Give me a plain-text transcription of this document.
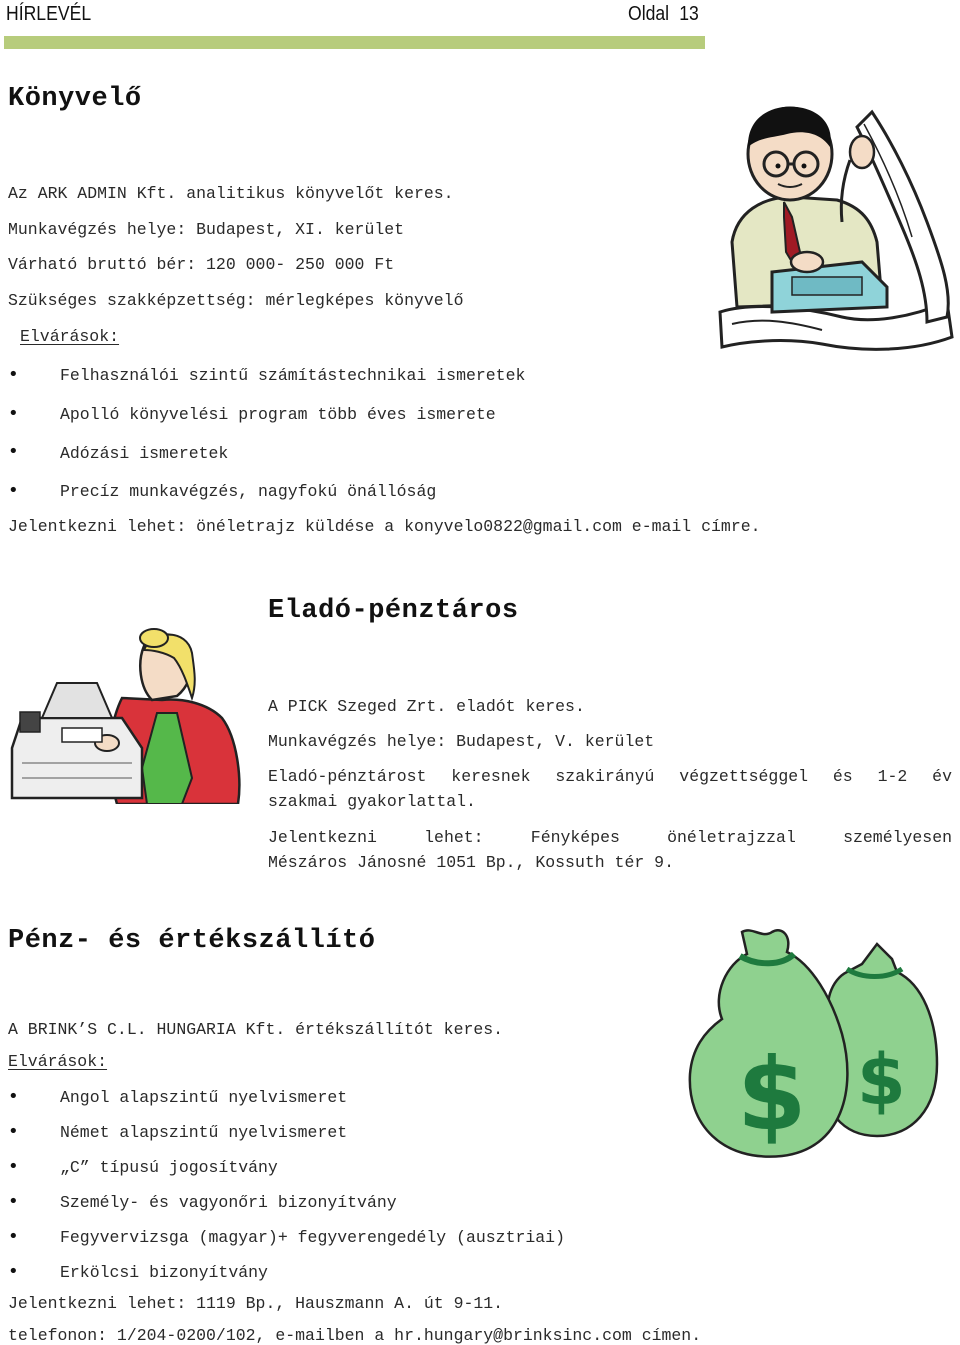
HÍRLEVÉL	Oldal 13
Könyvelő
Az ARK ADMIN Kft. analitikus könyvelőt keres.
Munkavégzés helye: Budapest, XI. kerület
Várható bruttó bér: 120 000- 250 000 Ft
Szükséges szakképzettség: mérlegképes könyvelő
Elvárások:
•	Felhasználói szintű számítástechnikai ismeretek
•	Apolló könyvelési program több éves ismerete
•	Adózási ismeretek
•	Precíz munkavégzés, nagyfokú önállóság
Jelentkezni lehet: önéletrajz küldése a konyvelo0822@gmail.com e-mail címre.
Eladó-pénztáros
A PICK Szeged Zrt. eladót keres.
Munkavégzés helye: Budapest, V. kerület
Eladó-pénztárost keresnek szakirányú végzettséggel és 1-2 év
szakmai gyakorlattal.
Jelentkezni lehet: Fényképes önéletrajzzal személyesen
Mészáros Jánosné 1051 Bp., Kossuth tér 9.
Pénz- és értékszállító
$
$
A BRINK’S C.L. HUNGARIA Kft. értékszállítót keres.
Elvárások:
•	Angol alapszintű nyelvismeret
•	Német alapszintű nyelvismeret
•	„C” típusú jogosítvány
•	Személy- és vagyonőri bizonyítvány
•	Fegyvervizsga (magyar)+ fegyverengedély (ausztriai)
•	Erkölcsi bizonyítvány
Jelentkezni lehet: 1119 Bp., Hauszmann A. út 9-11.
telefonon: 1/204-0200/102, e-mailben a hr.hungary@brinksinc.com címen.
